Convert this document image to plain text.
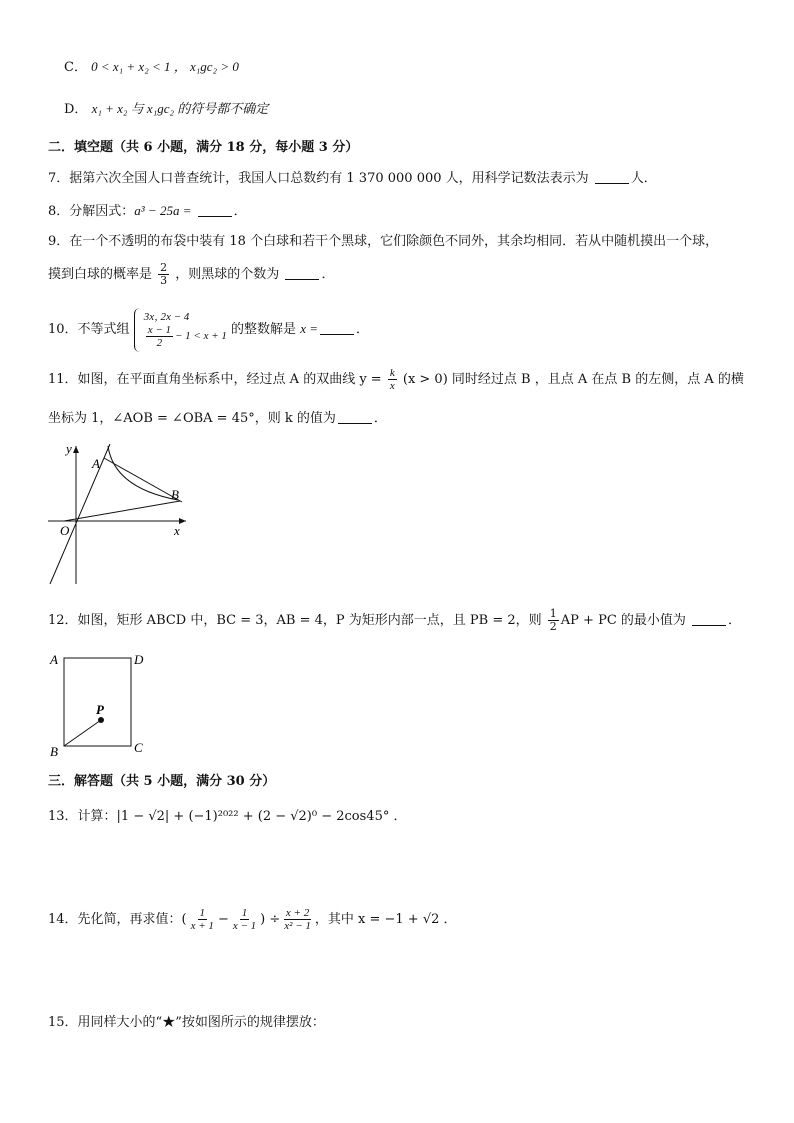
C． 0 < x₁ + x₂ < 1 ， x₁gc₂ > 0
D． x₁ + x₂ 与 x₁gc₂ 的符号都不确定
二．填空题（共 6 小题，满分 18 分，每小题 3 分）
7．据第六次全国人口普查统计，我国人口总数约有 1 370 000 000 人，用科学记数法表示为	人．
8．分解因式：a³ − 25a =	．
9．在一个不透明的布袋中装有 18 个白球和若干个黑球，它们除颜色不同外，其余均相同．若从中随机摸出一个球，
摸到白球的概率是 $\frac{2}{3}$ ，则黑球的个数为	．
10．不等式组
3x‚ 2x − 4
$\frac{x - 1}{2} - 1 < x + 1$ 的整数解是 x =	．
11．如图，在平面直角坐标系中，经过点 A 的双曲线 $y = \frac{k}{x} (x > 0)$ 同时经过点 B ，且点 A 在点 B 的左侧，点 A 的横
坐标为 1，∠AOB = ∠OBA = 45°，则 k 的值为	．
y
x
O
A
B
12．如图，矩形 ABCD 中，BC = 3，AB = 4，P 为矩形内部一点，且 PB = 2，则 $\frac{1}{2}$ AP + PC 的最小值为	．
A	D
B	C
P
三．解答题（共 5 小题，满分 30 分）
13．计算：|1 − √2| + (−1)²⁰²² + (2 − √2)⁰ − 2cos45° ．
14．先化简，再求值：( $\frac{1}{x + 1} - \frac{1}{x - 1}$ ) ÷ $\frac{x + 2}{\text{x² − 1}}$ ，其中 x = −1 + √2 ．
15．用同样大小的“★”按如图所示的规律摆放：
